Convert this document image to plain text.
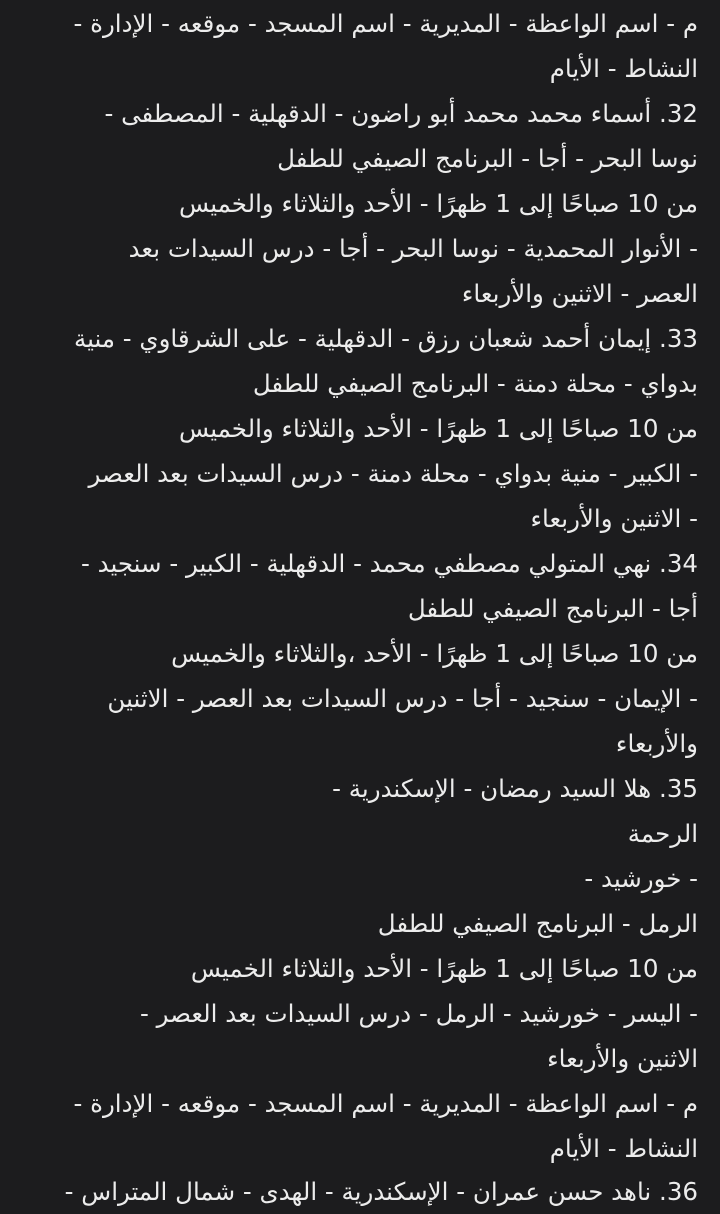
م - اسم الواعظة - المديرية - اسم المسجد - موقعه - الإدارة -
النشاط - الأيام
32. أسماء محمد محمد أبو راضون - الدقهلية - المصطفى -
نوسا البحر - أجا - البرنامج الصيفي للطفل
من 10 صباحًا إلى 1 ظهرًا - الأحد والثلاثاء والخميس
- الأنوار المحمدية - نوسا البحر - أجا - درس السيدات بعد
العصر - الاثنين والأربعاء
33. إيمان أحمد شعبان رزق - الدقهلية - على الشرقاوي - منية
بدواي - محلة دمنة - البرنامج الصيفي للطفل
من 10 صباحًا إلى 1 ظهرًا - الأحد والثلاثاء والخميس
- الكبير - منية بدواي - محلة دمنة - درس السيدات بعد العصر
- الاثنين والأربعاء
34. نهي المتولي مصطفي محمد - الدقهلية - الكبير - سنجيد -
أجا - البرنامج الصيفي للطفل
من 10 صباحًا إلى 1 ظهرًا - الأحد ،والثلاثاء والخميس
- الإيمان - سنجيد - أجا - درس السيدات بعد العصر - الاثنين
والأربعاء
35. هلا السيد رمضان - الإسكندرية -
الرحمة
- خورشيد -
الرمل - البرنامج الصيفي للطفل
من 10 صباحًا إلى 1 ظهرًا - الأحد والثلاثاء الخميس
- اليسر - خورشيد - الرمل - درس السيدات بعد العصر -
الاثنين والأربعاء
م - اسم الواعظة - المديرية - اسم المسجد - موقعه - الإدارة -
النشاط - الأيام
36. ناهد حسن عمران - الإسكندرية - الهدى - شمال المتراس -
